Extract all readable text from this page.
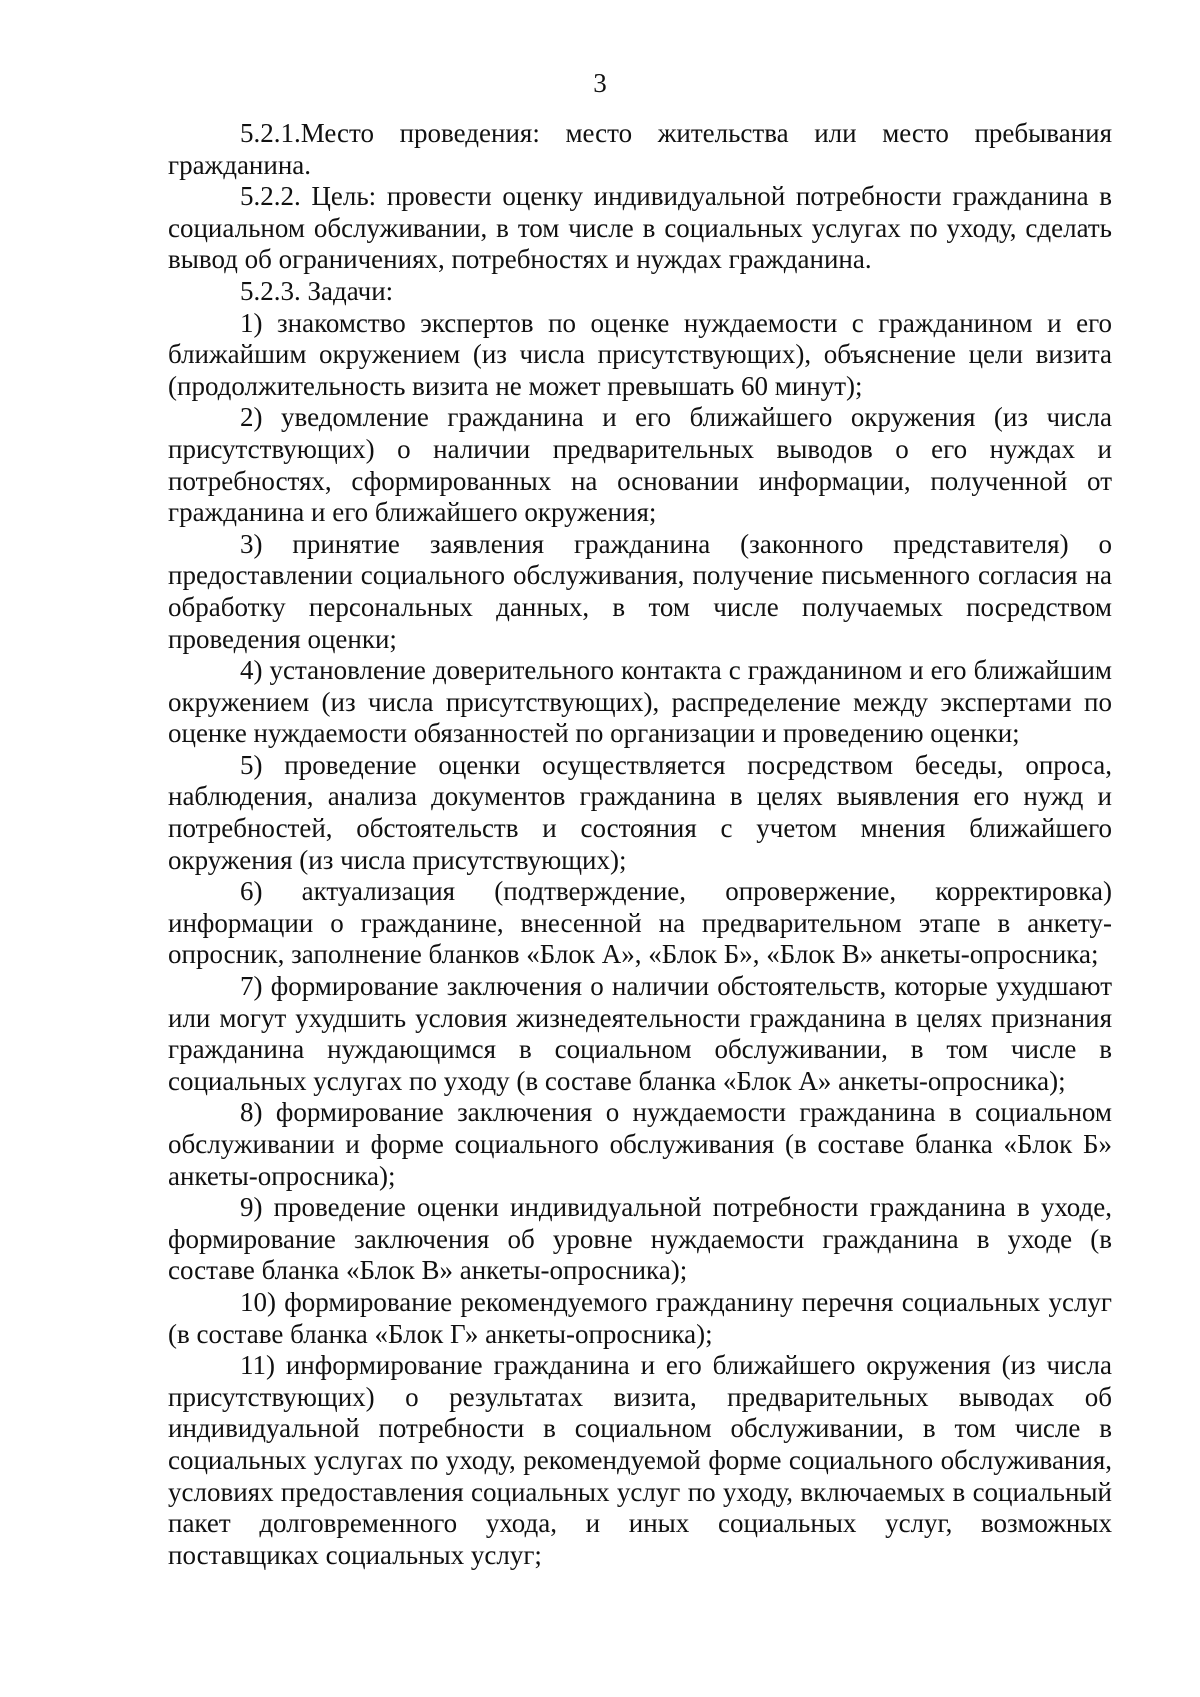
3

5.2.1.Место проведения: место жительства или место пребывания гражданина.

5.2.2. Цель: провести оценку индивидуальной потребности гражданина в социальном обслуживании, в том числе в социальных услугах по уходу, сделать вывод об ограничениях, потребностях и нуждах гражданина.

5.2.3. Задачи:

1) знакомство экспертов по оценке нуждаемости с гражданином и его ближайшим окружением (из числа присутствующих), объяснение цели визита (продолжительность визита не может превышать 60 минут);

2) уведомление гражданина и его ближайшего окружения (из числа присутствующих) о наличии предварительных выводов о его нуждах и потребностях, сформированных на основании информации, полученной от гражданина и его ближайшего окружения;

3) принятие заявления гражданина (законного представителя) о предоставлении социального обслуживания, получение письменного согласия на обработку персональных данных, в том числе получаемых посредством проведения оценки;

4) установление доверительного контакта с гражданином и его ближайшим окружением (из числа присутствующих), распределение между экспертами по оценке нуждаемости обязанностей по организации и проведению оценки;

5) проведение оценки осуществляется посредством беседы, опроса, наблюдения, анализа документов гражданина в целях выявления его нужд и потребностей, обстоятельств и состояния с учетом мнения ближайшего окружения (из числа присутствующих);

6) актуализация (подтверждение, опровержение, корректировка) информации о гражданине, внесенной на предварительном этапе в анкету-опросник, заполнение бланков «Блок А», «Блок Б», «Блок В» анкеты-опросника;

7) формирование заключения о наличии обстоятельств, которые ухудшают или могут ухудшить условия жизнедеятельности гражданина в целях признания гражданина нуждающимся в социальном обслуживании, в том числе в социальных услугах по уходу (в составе бланка «Блок А» анкеты-опросника);

8) формирование заключения о нуждаемости гражданина в социальном обслуживании и форме социального обслуживания (в составе бланка «Блок Б» анкеты-опросника);

9) проведение оценки индивидуальной потребности гражданина в уходе, формирование заключения об уровне нуждаемости гражданина в уходе (в составе бланка «Блок В» анкеты-опросника);

10) формирование рекомендуемого гражданину перечня социальных услуг (в составе бланка «Блок Г» анкеты-опросника);

11) информирование гражданина и его ближайшего окружения (из числа присутствующих) о результатах визита, предварительных выводах об индивидуальной потребности в социальном обслуживании, в том числе в социальных услугах по уходу, рекомендуемой форме социального обслуживания, условиях предоставления социальных услуг по уходу, включаемых в социальный пакет долговременного ухода, и иных социальных услуг, возможных поставщиках социальных услуг;
